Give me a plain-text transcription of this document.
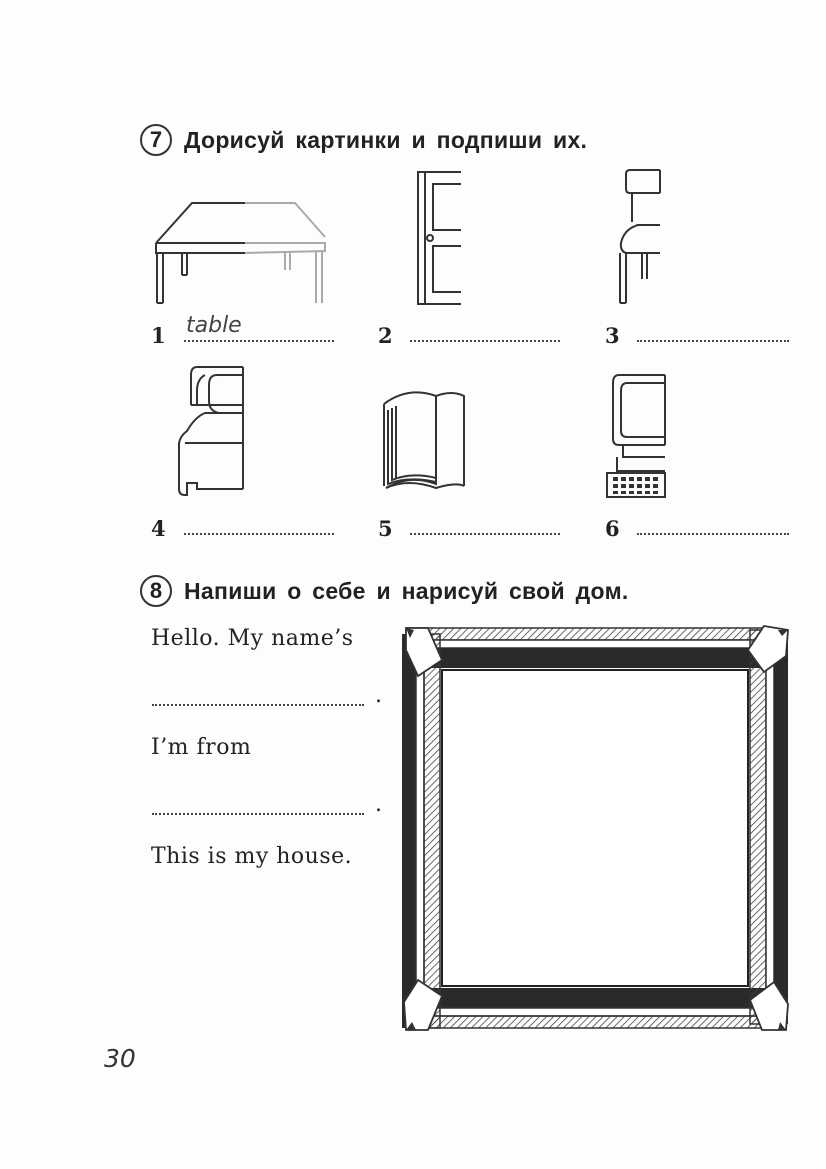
7 Дорисуй картинки и подпиши их.
1 table	2	3
4	5	6
8 Напиши о себе и нарисуй свой дом.
Hello. My name’s
.
I’m from
.
This is my house.
30
